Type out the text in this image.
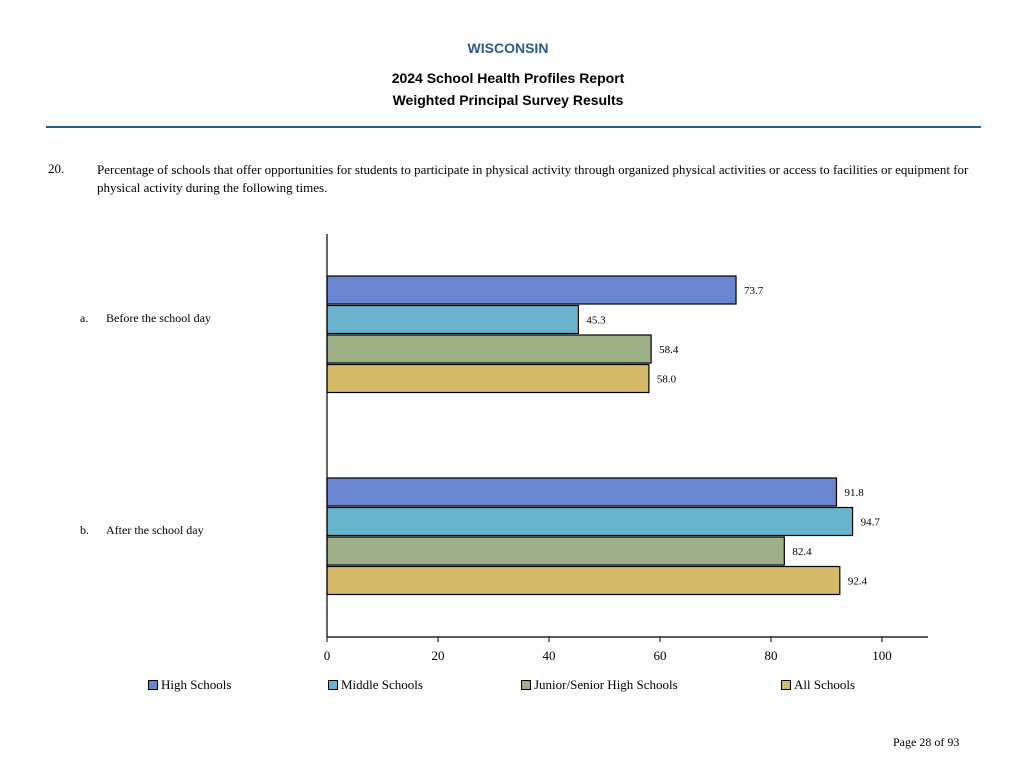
WISCONSIN
2024 School Health Profiles Report
Weighted Principal Survey Results
20.	Percentage of schools that offer opportunities for students to participate in physical activity through organized physical activities or access to facilities or equipment for physical activity during the following times.
a. Before the school day
b. After the school day
73.7
45.3
58.4
58.0
91.8
94.7
82.4
92.4
0	20	40	60	80	100
High Schools	Middle Schools	Junior/Senior High Schools	All Schools
Page 28 of 93
